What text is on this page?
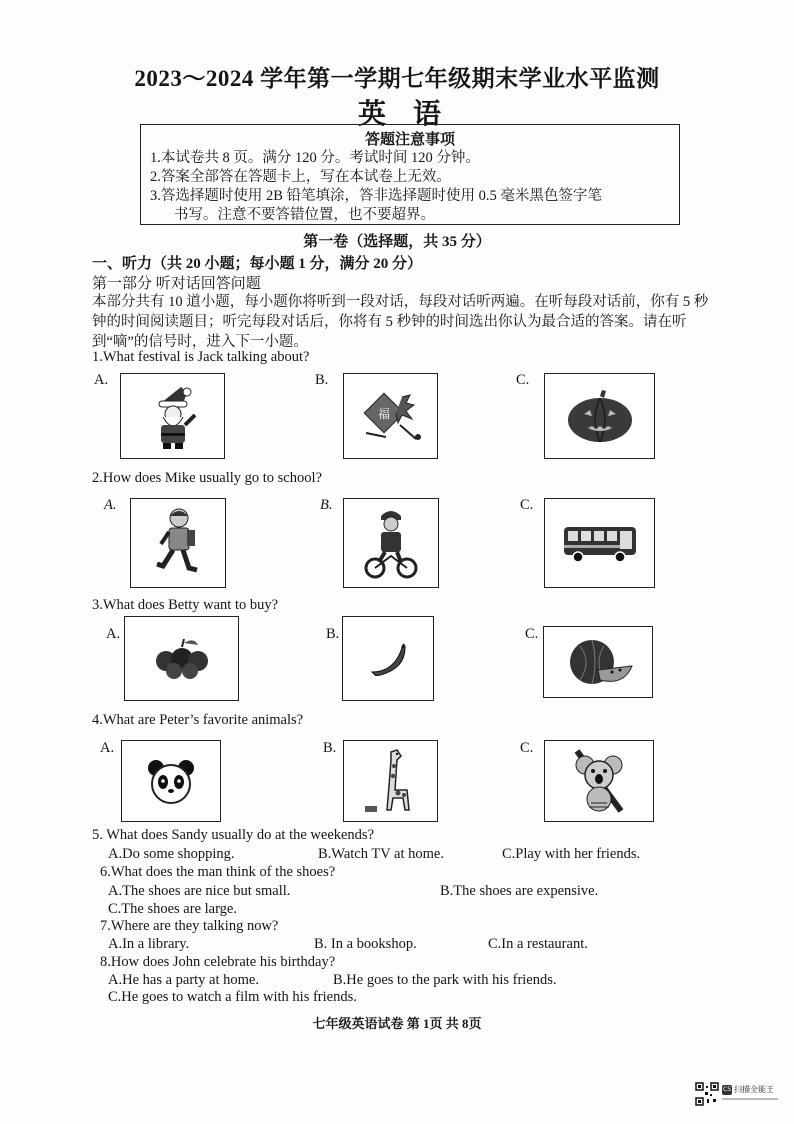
2023～2024 学年第一学期七年级期末学业水平监测
英 语
答题注意事项
1.本试卷共 8 页。满分 120 分。考试时间 120 分钟。
2.答案全部答在答题卡上，写在本试卷上无效。
3.答选择题时使用 2B 铅笔填涂，答非选择题时使用 0.5 毫米黑色签字笔
书写。注意不要答错位置，也不要超界。
第一卷（选择题，共 35 分）
一、听力（共 20 小题；每小题 1 分，满分 20 分）
第一部分 听对话回答问题
本部分共有 10 道小题，每小题你将听到一段对话，每段对话听两遍。在听每段对话前，你有 5 秒钟的时间阅读题目；听完每段对话后，你将有 5 秒钟的时间选出你认为最合适的答案。请在听到“嘀”的信号时，进入下一小题。
1.What festival is Jack talking about?
A.	B.	C.
福
2.How does Mike usually go to school?
A.	B.	C.
3.What does Betty want to buy?
A.	B.	C.
4.What are Peter’s favorite animals?
A.	B.	C.
5. What does Sandy usually do at the weekends?
A.Do some shopping.	B.Watch TV at home.	C.Play with her friends.
6.What does the man think of the shoes?
A.The shoes are nice but small.	B.The shoes are expensive.
C.The shoes are large.
7.Where are they talking now?
A.In a library.	B. In a bookshop.	C.In a restaurant.
8.How does John celebrate his birthday?
A.He has a party at home.	B.He goes to the park with his friends.
C.He goes to watch a film with his friends.
七年级英语试卷 第 1页 共 8页
CS 扫描全能王
